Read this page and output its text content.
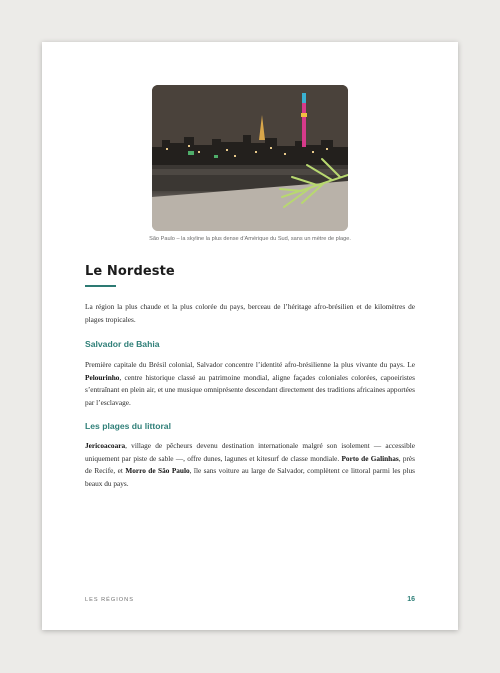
São Paulo – la skyline la plus dense d’Amérique du Sud, sans un mètre de plage.
Le Nordeste

La région la plus chaude et la plus colorée du pays, berceau de l’héritage afro-brésilien et de kilomètres de plages tropicales.

Salvador de Bahia

Première capitale du Brésil colonial, Salvador concentre l’identité afro-brésilienne la plus vivante du pays. Le Pelourinho, centre historique classé au patrimoine mondial, aligne façades coloniales colorées, capoeiristes s’entraînant en plein air, et une musique omniprésente descendant directement des traditions africaines apportées par l’esclavage.

Les plages du littoral

Jericoacoara, village de pêcheurs devenu destination internationale malgré son isolement — accessible uniquement par piste de sable —, offre dunes, lagunes et kitesurf de classe mondiale. Porto de Galinhas, près de Recife, et Morro de São Paulo, île sans voiture au large de Salvador, complètent ce littoral parmi les plus beaux du pays.

LES RÉGIONS	16
